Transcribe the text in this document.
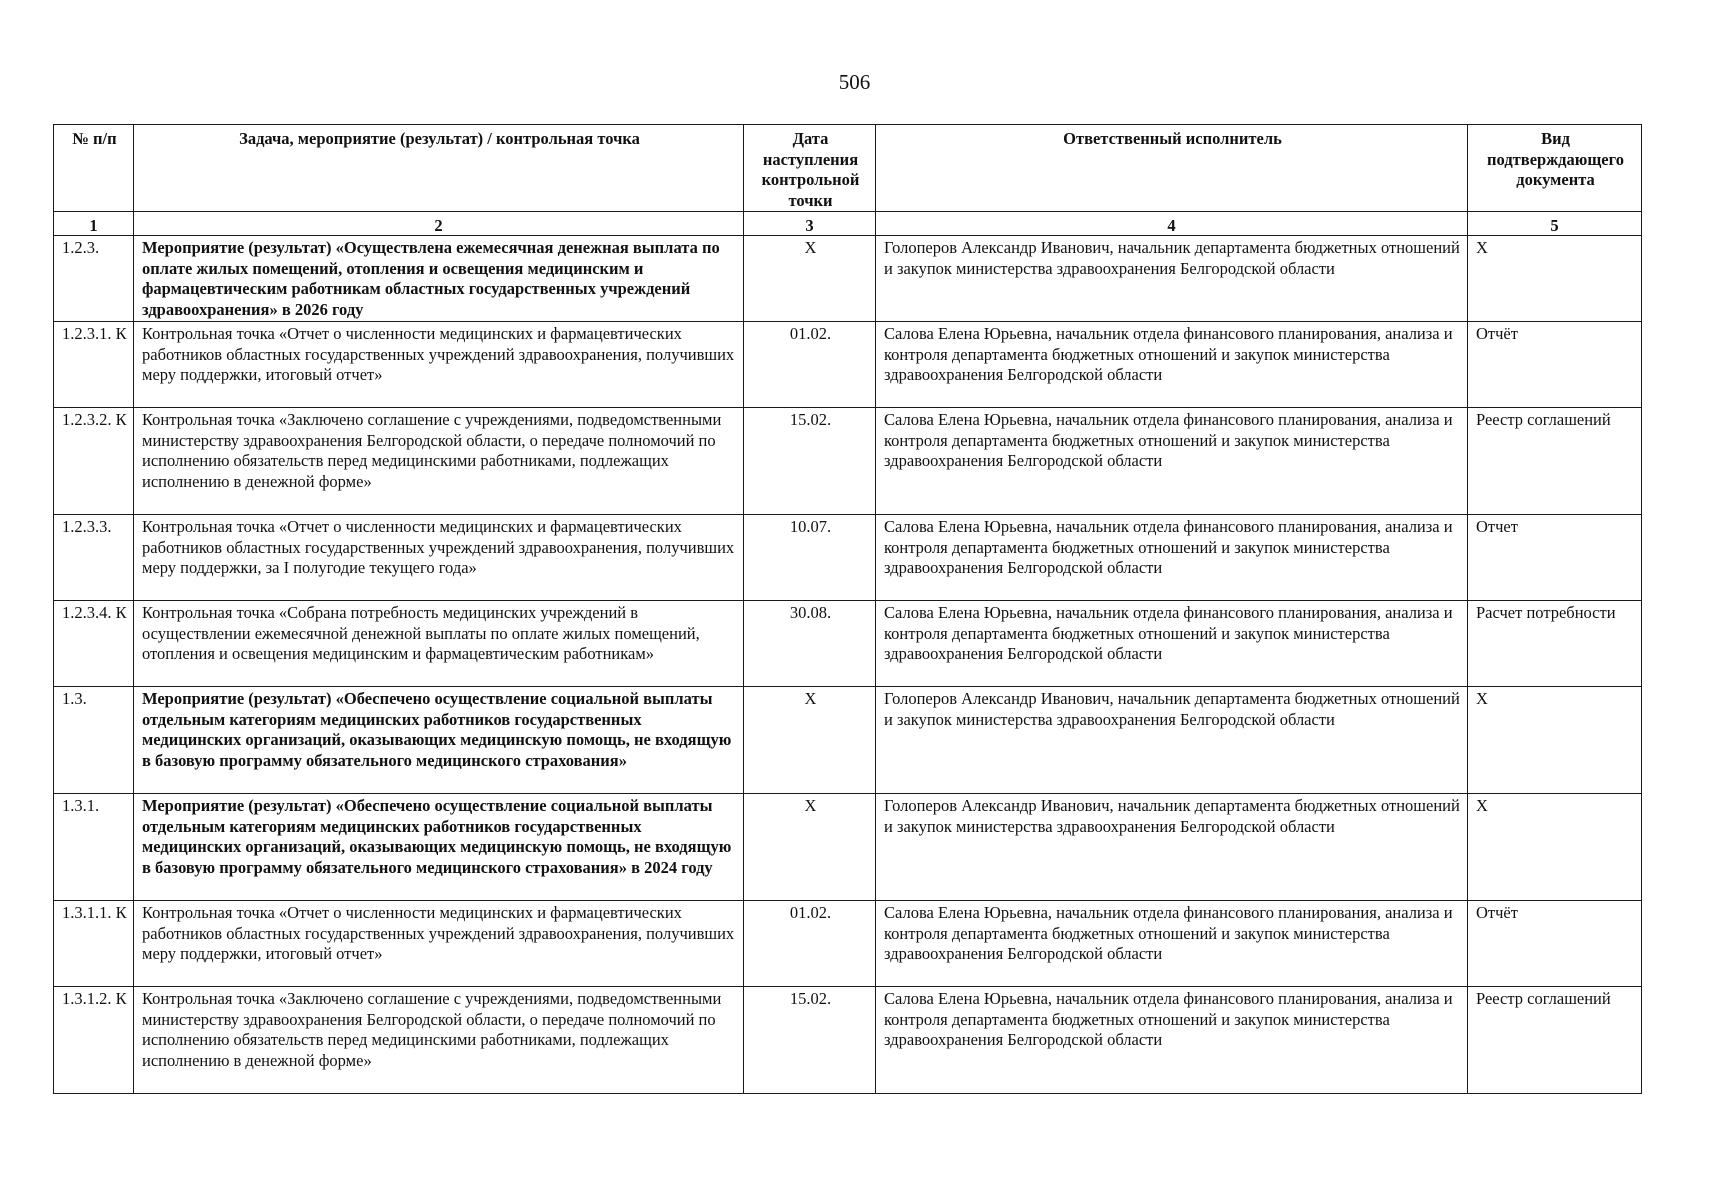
506
№ п/п	Задача, мероприятие (результат) / контрольная точка	Дата наступления контрольной точки	Ответственный исполнитель	Вид подтверждающего документа
1	2	3	4	5
1.2.3.	Мероприятие (результат) «Осуществлена ежемесячная денежная выплата по оплате жилых помещений, отопления и освещения медицинским и фармацевтическим работникам областных государственных учреждений здравоохранения» в 2026 году	Х	Голоперов Александр Иванович, начальник департамента бюджетных отношений и закупок министерства здравоохранения Белгородской области	Х
1.2.3.1. К	Контрольная точка «Отчет о численности медицинских и фармацевтических работников областных государственных учреждений здравоохранения, получивших меру поддержки, итоговый отчет»	01.02.	Салова Елена Юрьевна, начальник отдела финансового планирования, анализа и контроля департамента бюджетных отношений и закупок министерства здравоохранения Белгородской области	Отчёт
1.2.3.2. К	Контрольная точка «Заключено соглашение с учреждениями, подведомственными министерству здравоохранения Белгородской области, о передаче полномочий по исполнению обязательств перед медицинскими работниками, подлежащих исполнению в денежной форме»	15.02.	Салова Елена Юрьевна, начальник отдела финансового планирования, анализа и контроля департамента бюджетных отношений и закупок министерства здравоохранения Белгородской области	Реестр соглашений
1.2.3.3.	Контрольная точка «Отчет о численности медицинских и фармацевтических работников областных государственных учреждений здравоохранения, получивших меру поддержки, за I полугодие текущего года»	10.07.	Салова Елена Юрьевна, начальник отдела финансового планирования, анализа и контроля департамента бюджетных отношений и закупок министерства здравоохранения Белгородской области	Отчет
1.2.3.4. К	Контрольная точка «Собрана потребность медицинских учреждений в осуществлении ежемесячной денежной выплаты по оплате жилых помещений, отопления и освещения медицинским и фармацевтическим работникам»	30.08.	Салова Елена Юрьевна, начальник отдела финансового планирования, анализа и контроля департамента бюджетных отношений и закупок министерства здравоохранения Белгородской области	Расчет потребности
1.3.	Мероприятие (результат) «Обеспечено осуществление социальной выплаты отдельным категориям медицинских работников государственных медицинских организаций, оказывающих медицинскую помощь, не входящую в базовую программу обязательного медицинского страхования»	Х	Голоперов Александр Иванович, начальник департамента бюджетных отношений и закупок министерства здравоохранения Белгородской области	Х
1.3.1.	Мероприятие (результат) «Обеспечено осуществление социальной выплаты отдельным категориям медицинских работников государственных медицинских организаций, оказывающих медицинскую помощь, не входящую в базовую программу обязательного медицинского страхования» в 2024 году	Х	Голоперов Александр Иванович, начальник департамента бюджетных отношений и закупок министерства здравоохранения Белгородской области	Х
1.3.1.1. К	Контрольная точка «Отчет о численности медицинских и фармацевтических работников областных государственных учреждений здравоохранения, получивших меру поддержки, итоговый отчет»	01.02.	Салова Елена Юрьевна, начальник отдела финансового планирования, анализа и контроля департамента бюджетных отношений и закупок министерства здравоохранения Белгородской области	Отчёт
1.3.1.2. К	Контрольная точка «Заключено соглашение с учреждениями, подведомственными министерству здравоохранения Белгородской области, о передаче полномочий по исполнению обязательств перед медицинскими работниками, подлежащих исполнению в денежной форме»	15.02.	Салова Елена Юрьевна, начальник отдела финансового планирования, анализа и контроля департамента бюджетных отношений и закупок министерства здравоохранения Белгородской области	Реестр соглашений
